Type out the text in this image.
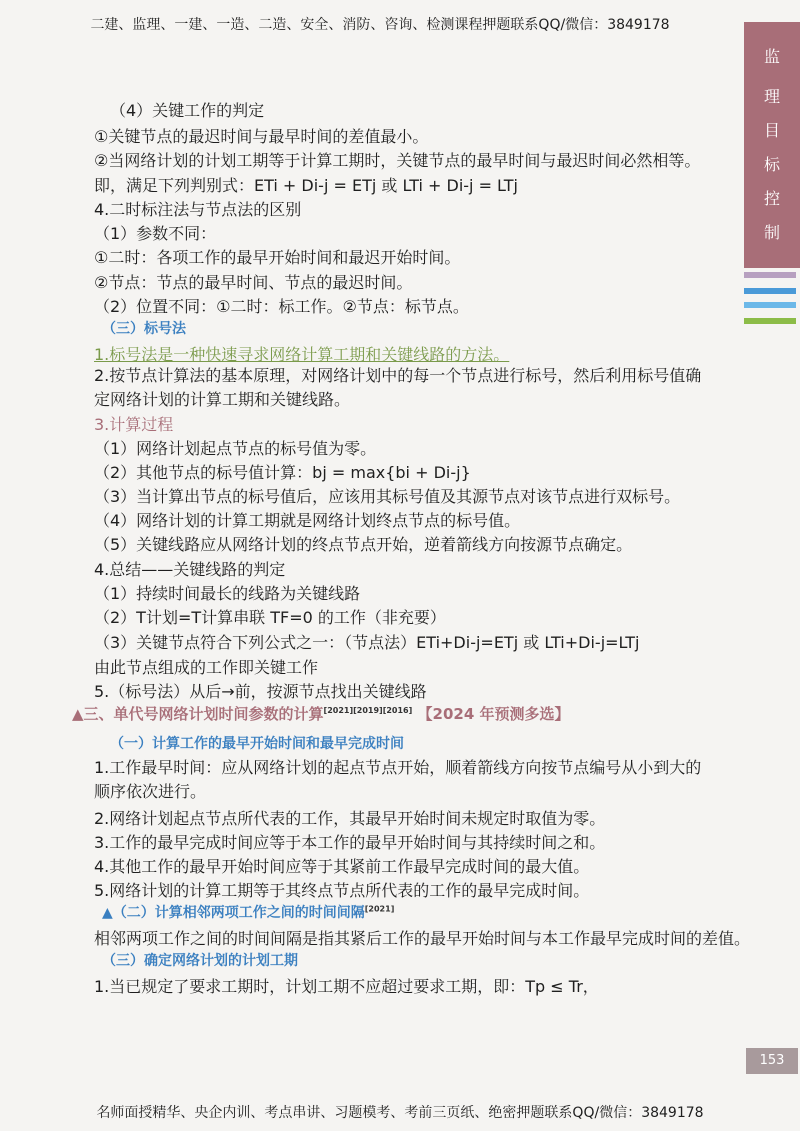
二建、监理、一建、一造、二造、安全、消防、咨询、检测课程押题联系QQ/微信：3849178
监
理
目
标
控
制
（4）关键工作的判定
①关键节点的最迟时间与最早时间的差值最小。
②当网络计划的计划工期等于计算工期时，关键节点的最早时间与最迟时间必然相等。
即，满足下列判别式：ETi + Di-j = ETj 或 LTi + Di-j = LTj
4.二时标注法与节点法的区别
（1）参数不同：
①二时：各项工作的最早开始时间和最迟开始时间。
②节点：节点的最早时间、节点的最迟时间。
（2）位置不同：①二时：标工作。②节点：标节点。
（三）标号法
1.标号法是一种快速寻求网络计算工期和关键线路的方法。
2.按节点计算法的基本原理，对网络计划中的每一个节点进行标号，然后利用标号值确定网络计划的计算工期和关键线路。
3.计算过程
（1）网络计划起点节点的标号值为零。
（2）其他节点的标号值计算：bj = max{bi + Di-j}
（3）当计算出节点的标号值后，应该用其标号值及其源节点对该节点进行双标号。
（4）网络计划的计算工期就是网络计划终点节点的标号值。
（5）关键线路应从网络计划的终点节点开始，逆着箭线方向按源节点确定。
4.总结——关键线路的判定
（1）持续时间最长的线路为关键线路
（2）T计划=T计算串联 TF=0 的工作（非充要）
（3）关键节点符合下列公式之一：（节点法）ETi+Di-j=ETj 或 LTi+Di-j=LTj
由此节点组成的工作即关键工作
5.（标号法）从后→前，按源节点找出关键线路
▲三、单代号网络计划时间参数的计算[2021][2019][2016] 【2024 年预测多选】
（一）计算工作的最早开始时间和最早完成时间
1.工作最早时间：应从网络计划的起点节点开始，顺着箭线方向按节点编号从小到大的顺序依次进行。
2.网络计划起点节点所代表的工作，其最早开始时间未规定时取值为零。
3.工作的最早完成时间应等于本工作的最早开始时间与其持续时间之和。
4.其他工作的最早开始时间应等于其紧前工作最早完成时间的最大值。
5.网络计划的计算工期等于其终点节点所代表的工作的最早完成时间。
▲（二）计算相邻两项工作之间的时间间隔[2021]
相邻两项工作之间的时间间隔是指其紧后工作的最早开始时间与本工作最早完成时间的差值。
（三）确定网络计划的计划工期
1.当已规定了要求工期时，计划工期不应超过要求工期，即：Tp ≤ Tr，
153
名师面授精华、央企内训、考点串讲、习题模考、考前三页纸、绝密押题联系QQ/微信：3849178
